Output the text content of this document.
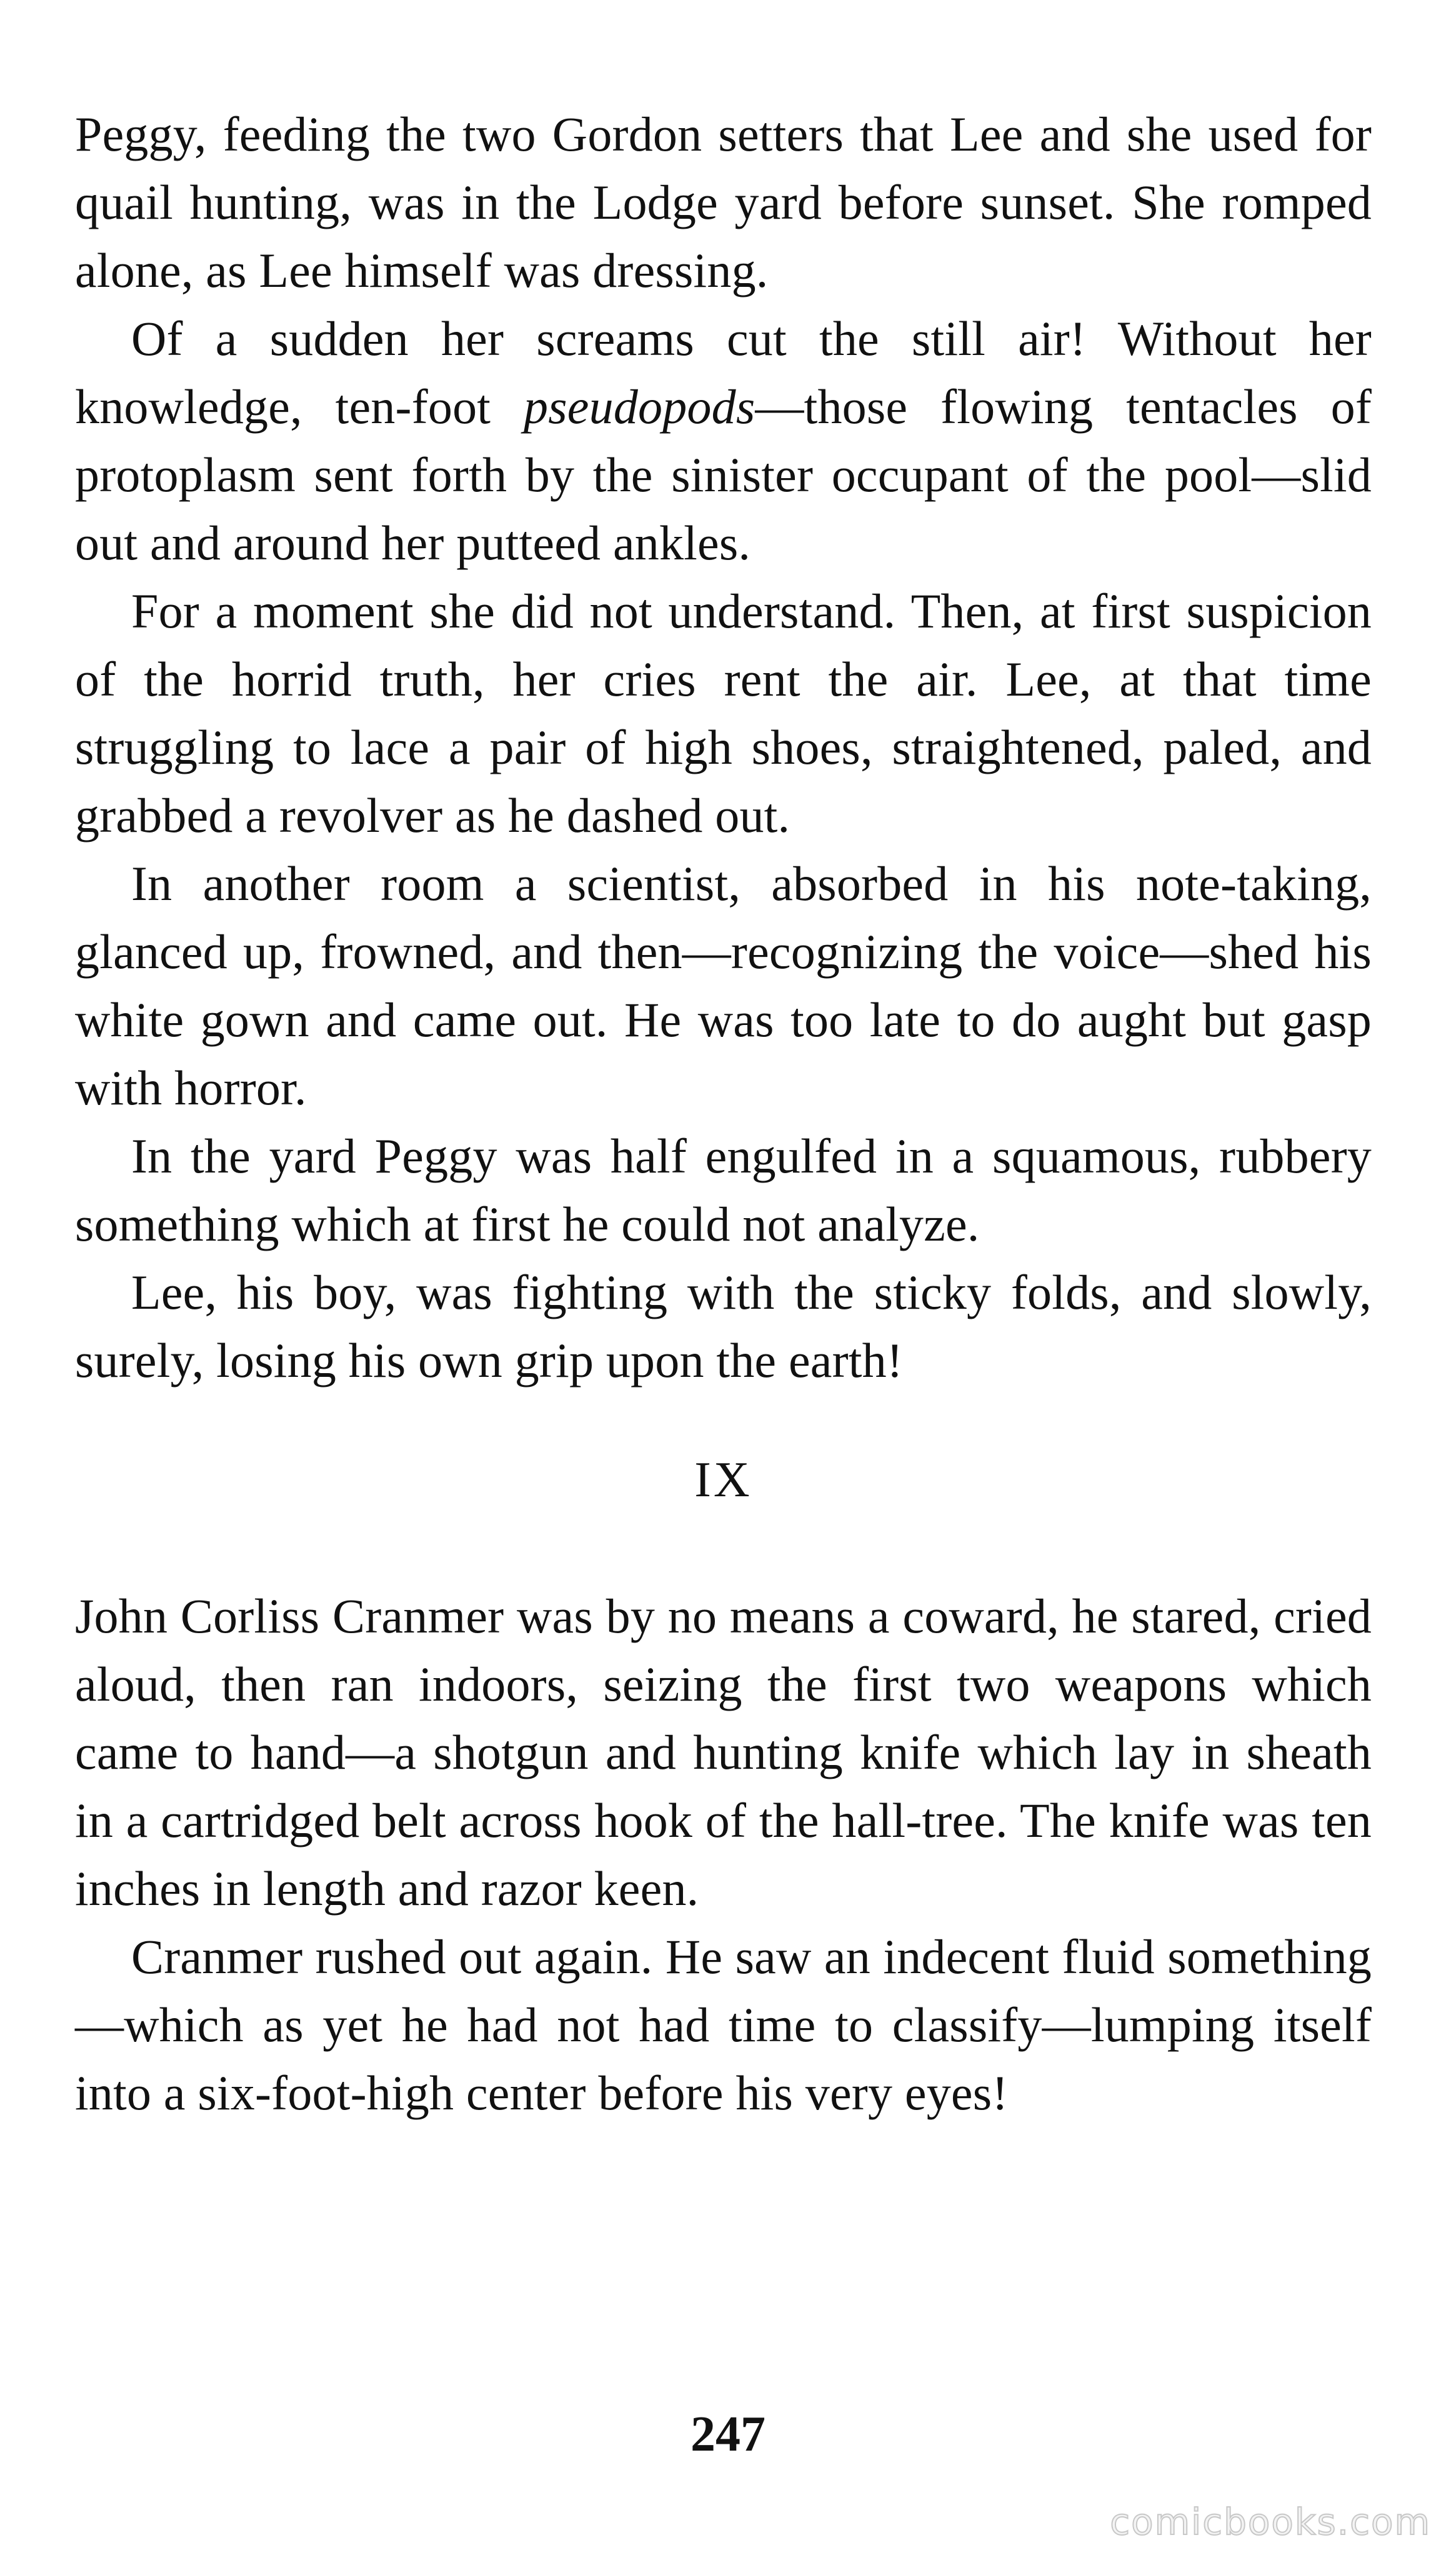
Peggy, feeding the two Gordon setters that Lee and she used for quail hunting, was in the Lodge yard before sunset. She romped alone, as Lee himself was dressing.

Of a sudden her screams cut the still air! Without her knowledge, ten-foot pseudopods—those flowing tentacles of protoplasm sent forth by the sinister occupant of the pool—slid out and around her putteed ankles.

For a moment she did not understand. Then, at first suspicion of the horrid truth, her cries rent the air. Lee, at that time struggling to lace a pair of high shoes, straightened, paled, and grabbed a revolver as he dashed out.

In another room a scientist, absorbed in his note-taking, glanced up, frowned, and then—recognizing the voice—shed his white gown and came out. He was too late to do aught but gasp with horror.

In the yard Peggy was half engulfed in a squamous, rubbery something which at first he could not analyze.

Lee, his boy, was fighting with the sticky folds, and slowly, surely, losing his own grip upon the earth!

IX

John Corliss Cranmer was by no means a coward, he stared, cried aloud, then ran indoors, seizing the first two weapons which came to hand—a shotgun and hunting knife which lay in sheath in a cartridged belt across hook of the hall-tree. The knife was ten inches in length and razor keen.

Cranmer rushed out again. He saw an indecent fluid something—which as yet he had not had time to classify—lumping itself into a six-foot-high center before his very eyes!

247
comicbooks.com
